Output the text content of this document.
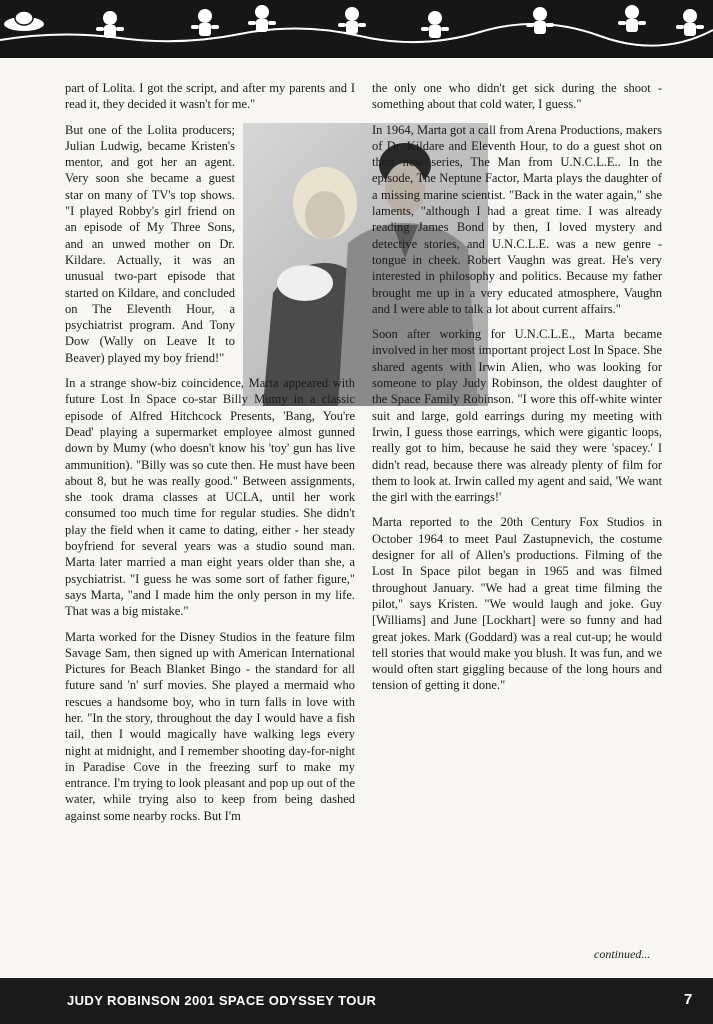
part of Lolita. I got the script, and after my parents and I read it, they decided it wasn't for me."

But one of the Lolita producers; Julian Ludwig, became Kristen's mentor, and got her an agent. Very soon she became a guest star on many of TV's top shows. "I played Robby's girl friend on an episode of My Three Sons, and an unwed mother on Dr. Kildare. Actually, it was an unusual two-part episode that started on Kildare, and concluded on The Eleventh Hour, a psychiatrist program. And Tony Dow (Wally on Leave It to Beaver) played my boy friend!"

In a strange show-biz coincidence, Marta appeared with future Lost In Space co-star Billy Mumy in a classic episode of Alfred Hitchcock Presents, 'Bang, You're Dead' playing a supermarket employee almost gunned down by Mumy (who doesn't know his 'toy' gun has live ammunition). "Billy was so cute then. He must have been about 8, but he was really good." Between assignments, she took drama classes at UCLA, until her work consumed too much time for regular studies. She didn't play the field when it came to dating, either - her steady boyfriend for several years was a studio sound man. Marta later married a man eight years older than she, a psychiatrist. "I guess he was some sort of father figure," says Marta, "and I made him the only person in my life. That was a big mistake."

Marta worked for the Disney Studios in the feature film Savage Sam, then signed up with American International Pictures for Beach Blanket Bingo - the standard for all future sand 'n' surf movies. She played a mermaid who rescues a handsome boy, who in turn falls in love with her. "In the story, throughout the day I would have a fish tail, then I would magically have walking legs every night at midnight, and I remember shooting day-for-night in Paradise Cove in the freezing surf to make my entrance. I'm trying to look pleasant and pop up out of the water, while trying also to keep from being dashed against some nearby rocks. But I'm

the only one who didn't get sick during the shoot - something about that cold water, I guess."

In 1964, Marta got a call from Arena Productions, makers of Dr. Kildare and Eleventh Hour, to do a guest shot on their new series, The Man from U.N.C.L.E.. In the episode, The Neptune Factor, Marta plays the daughter of a missing marine scientist. "Back in the water again," she laments, "although I had a great time. I was already reading James Bond by then, I loved mystery and detective stories, and U.N.C.L.E. was a new genre - tongue in cheek. Robert Vaughn was great. He's very interested in philosophy and politics. Because my father brought me up in a very educated atmosphere, Vaughn and I were able to talk a lot about current affairs."

Soon after working for U.N.C.L.E., Marta became involved in her most important project Lost In Space. She shared agents with Irwin Alien, who was looking for someone to play Judy Robinson, the oldest daughter of the Space Family Robinson. "I wore this off-white winter suit and large, gold earrings during my meeting with Irwin, I guess those earrings, which were gigantic loops, really got to him, because he said they were 'spacey.' I didn't read, because there was already plenty of film for them to look at. Irwin called my agent and said, 'We want the girl with the earrings!'

Marta reported to the 20th Century Fox Studios in October 1964 to meet Paul Zastupnevich, the costume designer for all of Allen's productions. Filming of the Lost In Space pilot began in 1965 and was filmed throughout January. "We had a great time filming the pilot," says Kristen. "We would laugh and joke. Guy [Williams] and June [Lockhart] were so funny and had great jokes. Mark (Goddard) was a real cut-up; he would tell stories that would make you blush. It was fun, and we would often start giggling because of the long hours and tension of getting it done."

continued...
JUDY ROBINSON 2001 SPACE ODYSSEY TOUR	7
